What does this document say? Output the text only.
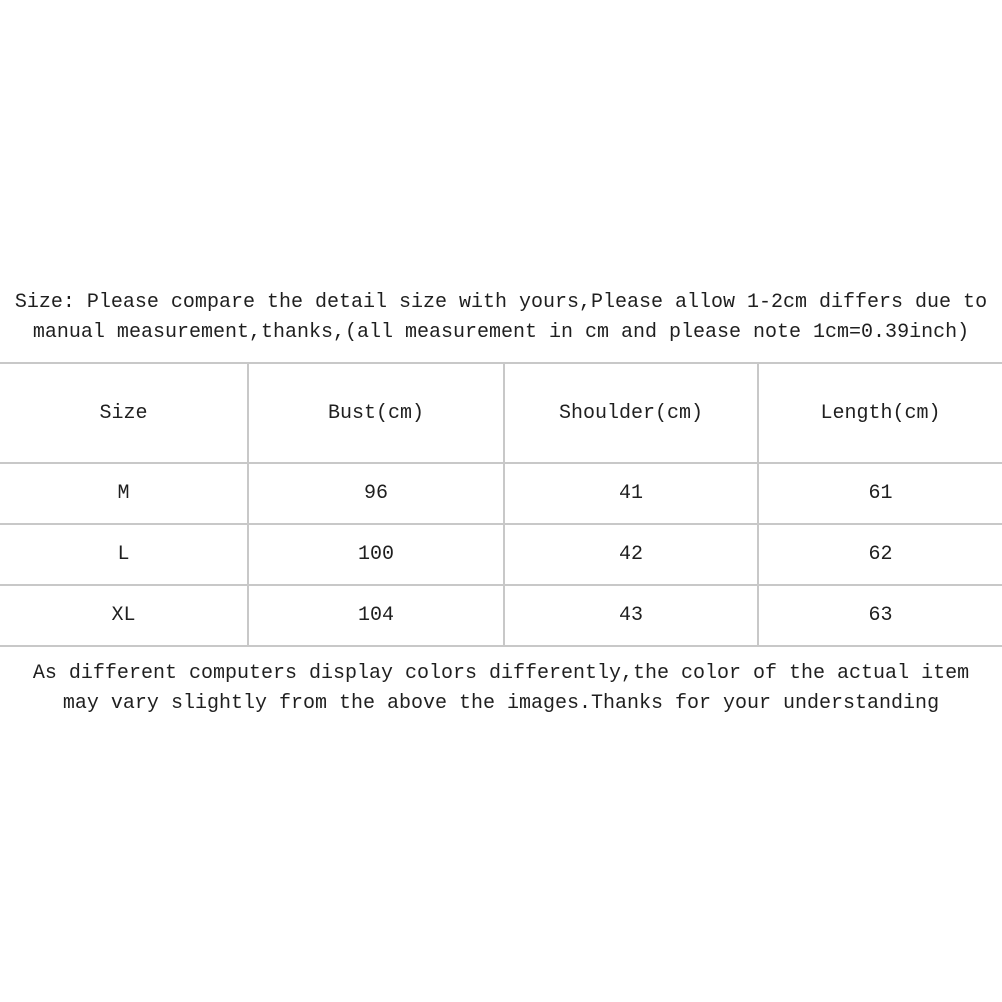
Size: Please compare the detail size with yours,Please allow 1-2cm differs due to
manual measurement,thanks,(all measurement in cm and please note 1cm=0.39inch)

Size	Bust(cm)	Shoulder(cm)	Length(cm)
M	96	41	61
L	100	42	62
XL	104	43	63

As different computers display colors differently,the color of the actual item
may vary slightly from the above the images.Thanks for your understanding
